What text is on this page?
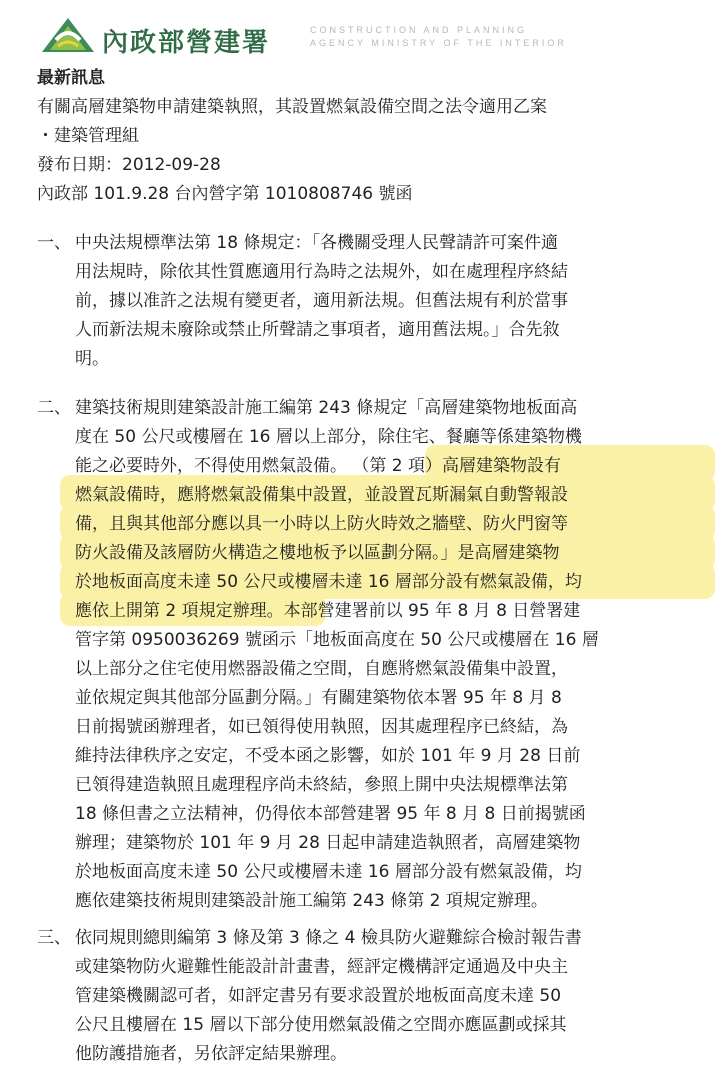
內政部營建署	CONSTRUCTION AND PLANNING
AGENCY MINISTRY OF THE INTERIOR
最新訊息
有關高層建築物申請建築執照，其設置燃氣設備空間之法令適用乙案
・建築管理組
發布日期：2012-09-28
內政部 101.9.28 台內營字第 1010808746 號函
一、 中央法規標準法第 18 條規定：「各機關受理人民聲請許可案件適
用法規時，除依其性質應適用行為時之法規外，如在處理程序終結
前，據以准許之法規有變更者，適用新法規。但舊法規有利於當事
人而新法規未廢除或禁止所聲請之事項者，適用舊法規。」合先敘
明。
二、 建築技術規則建築設計施工編第 243 條規定「高層建築物地板面高
度在 50 公尺或樓層在 16 層以上部分，除住宅、餐廳等係建築物機
能之必要時外，不得使用燃氣設備。 （第 2 項）高層建築物設有
燃氣設備時，應將燃氣設備集中設置，並設置瓦斯漏氣自動警報設
備，且與其他部分應以具一小時以上防火時效之牆壁、防火門窗等
防火設備及該層防火構造之樓地板予以區劃分隔。」是高層建築物
於地板面高度未達 50 公尺或樓層未達 16 層部分設有燃氣設備，均
應依上開第 2 項規定辦理。本部營建署前以 95 年 8 月 8 日營署建
管字第 0950036269 號函示「地板面高度在 50 公尺或樓層在 16 層
以上部分之住宅使用燃器設備之空間，自應將燃氣設備集中設置，
並依規定與其他部分區劃分隔。」有關建築物依本署 95 年 8 月 8
日前揭號函辦理者，如已領得使用執照，因其處理程序已終結，為
維持法律秩序之安定，不受本函之影響，如於 101 年 9 月 28 日前
已領得建造執照且處理程序尚未終結，參照上開中央法規標準法第
18 條但書之立法精神，仍得依本部營建署 95 年 8 月 8 日前揭號函
辦理；建築物於 101 年 9 月 28 日起申請建造執照者，高層建築物
於地板面高度未達 50 公尺或樓層未達 16 層部分設有燃氣設備，均
應依建築技術規則建築設計施工編第 243 條第 2 項規定辦理。
三、 依同規則總則編第 3 條及第 3 條之 4 檢具防火避難綜合檢討報告書
或建築物防火避難性能設計計畫書，經評定機構評定通過及中央主
管建築機關認可者，如評定書另有要求設置於地板面高度未達 50
公尺且樓層在 15 層以下部分使用燃氣設備之空間亦應區劃或採其
他防護措施者，另依評定結果辦理。
